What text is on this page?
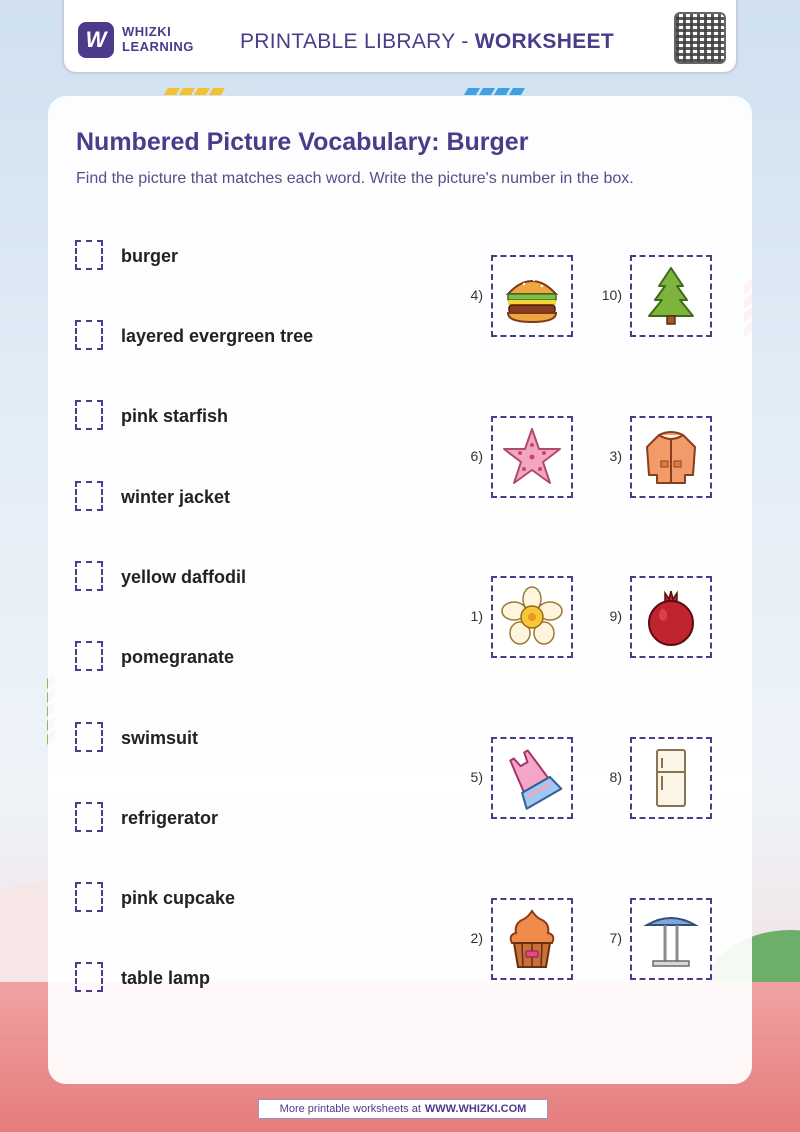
W	WHIZKI
LEARNING PRINTABLE LIBRARY - WORKSHEET
Numbered Picture Vocabulary: Burger
Find the picture that matches each word. Write the picture's number in the box.
burger
layered evergreen tree
pink starfish
winter jacket
yellow daffodil
pomegranate
swimsuit
refrigerator
pink cupcake
table lamp
4)	10)
6)	3)
1)	9)
5)	8)
2)	7)
More printable worksheets at WWW.WHIZKI.COM
